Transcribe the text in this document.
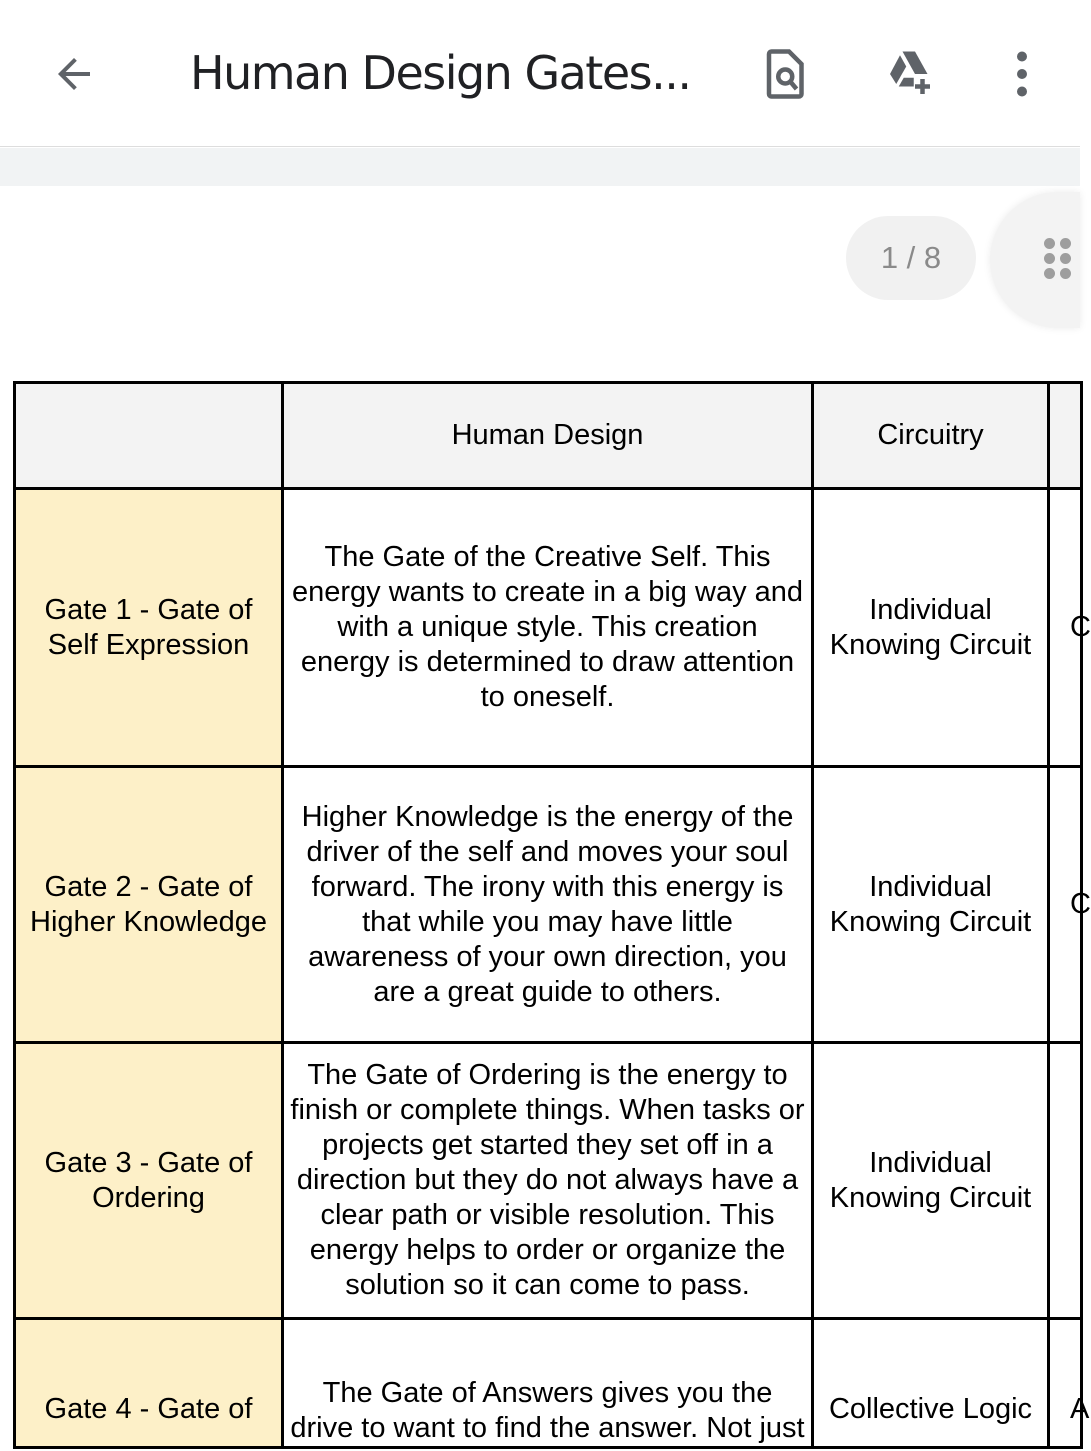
Human Design Gates...
1 / 8
	Human Design	Circuitry	
Gate 1 - Gate of Self Expression	The Gate of the Creative Self. This energy wants to create in a big way and with a unique style. This creation energy is determined to draw attention to oneself.	Individual Knowing Circuit	C
Gate 2 - Gate of Higher Knowledge	Higher Knowledge is the energy of the driver of the self and moves your soul forward. The irony with this energy is that while you may have little awareness of your own direction, you are a great guide to others.	Individual Knowing Circuit	C
Gate 3 - Gate of Ordering	The Gate of Ordering is the energy to finish or complete things. When tasks or projects get started they set off in a direction but they do not always have a clear path or visible resolution. This energy helps to order or organize the solution so it can come to pass.	Individual Knowing Circuit	
Gate 4 - Gate of	The Gate of Answers gives you the drive to want to find the answer. Not just	Collective Logic	A
